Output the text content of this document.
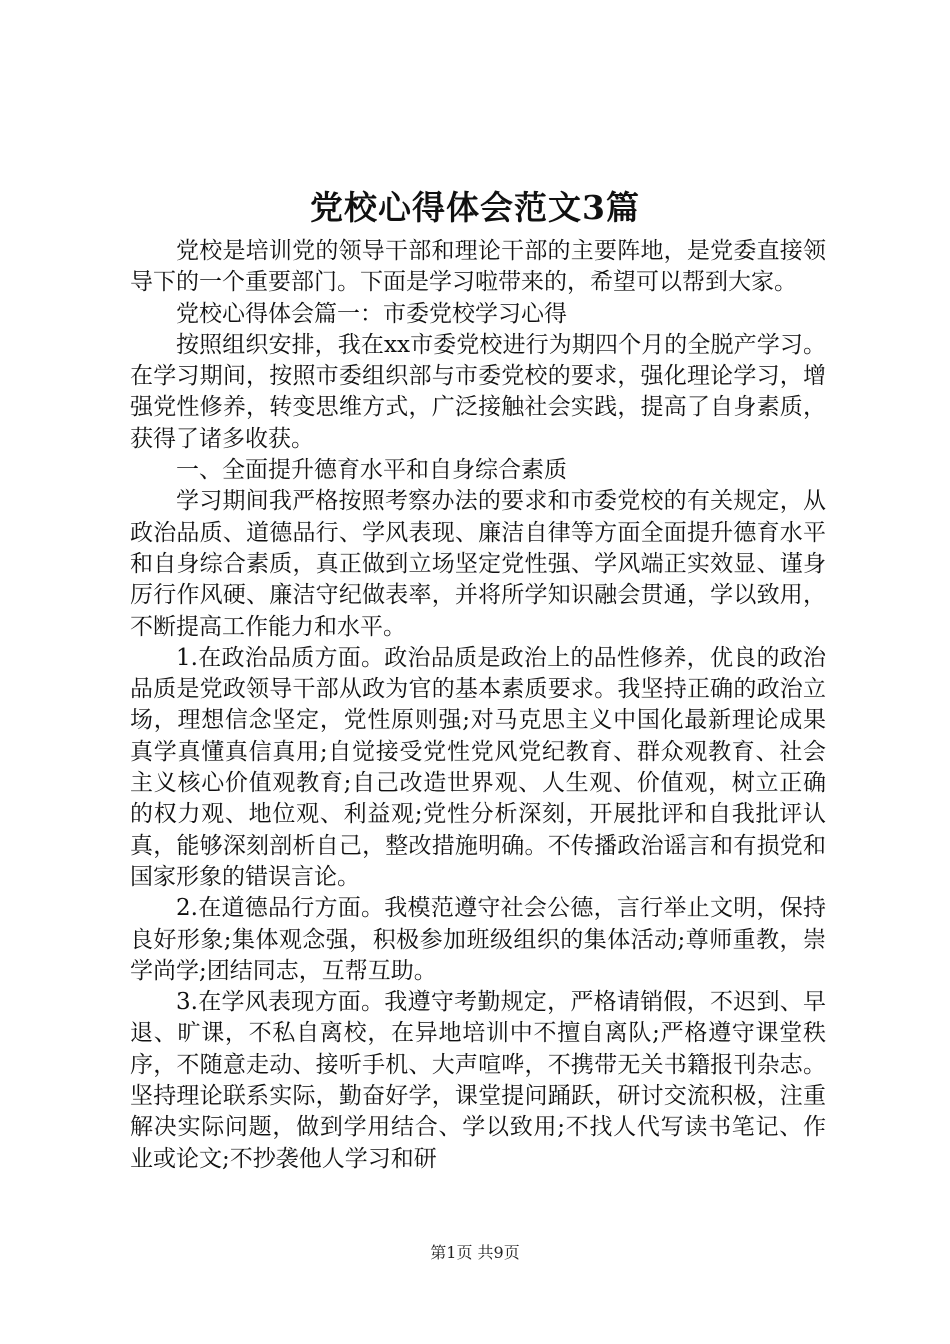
党校心得体会范文3篇

党校是培训党的领导干部和理论干部的主要阵地，是党委直接领导下的一个重要部门。下面是学习啦带来的，希望可以帮到大家。

党校心得体会篇一：市委党校学习心得

按照组织安排，我在xx市委党校进行为期四个月的全脱产学习。在学习期间，按照市委组织部与市委党校的要求，强化理论学习，增强党性修养，转变思维方式，广泛接触社会实践，提高了自身素质，获得了诸多收获。

一、全面提升德育水平和自身综合素质

学习期间我严格按照考察办法的要求和市委党校的有关规定，从政治品质、道德品行、学风表现、廉洁自律等方面全面提升德育水平和自身综合素质，真正做到立场坚定党性强、学风端正实效显、谨身厉行作风硬、廉洁守纪做表率，并将所学知识融会贯通，学以致用，不断提高工作能力和水平。

1.在政治品质方面。政治品质是政治上的品性修养，优良的政治品质是党政领导干部从政为官的基本素质要求。我坚持正确的政治立场，理想信念坚定，党性原则强;对马克思主义中国化最新理论成果真学真懂真信真用;自觉接受党性党风党纪教育、群众观教育、社会主义核心价值观教育;自己改造世界观、人生观、价值观，树立正确的权力观、地位观、利益观;党性分析深刻，开展批评和自我批评认真，能够深刻剖析自己，整改措施明确。不传播政治谣言和有损党和国家形象的错误言论。

2.在道德品行方面。我模范遵守社会公德，言行举止文明，保持良好形象;集体观念强，积极参加班级组织的集体活动;尊师重教，崇学尚学;团结同志，互帮互助。

3.在学风表现方面。我遵守考勤规定，严格请销假，不迟到、早退、旷课，不私自离校，在异地培训中不擅自离队;严格遵守课堂秩序，不随意走动、接听手机、大声喧哗，不携带无关书籍报刊杂志。坚持理论联系实际，勤奋好学，课堂提问踊跃，研讨交流积极，注重解决实际问题，做到学用结合、学以致用;不找人代写读书笔记、作业或论文;不抄袭他人学习和研

第1页 共9页
